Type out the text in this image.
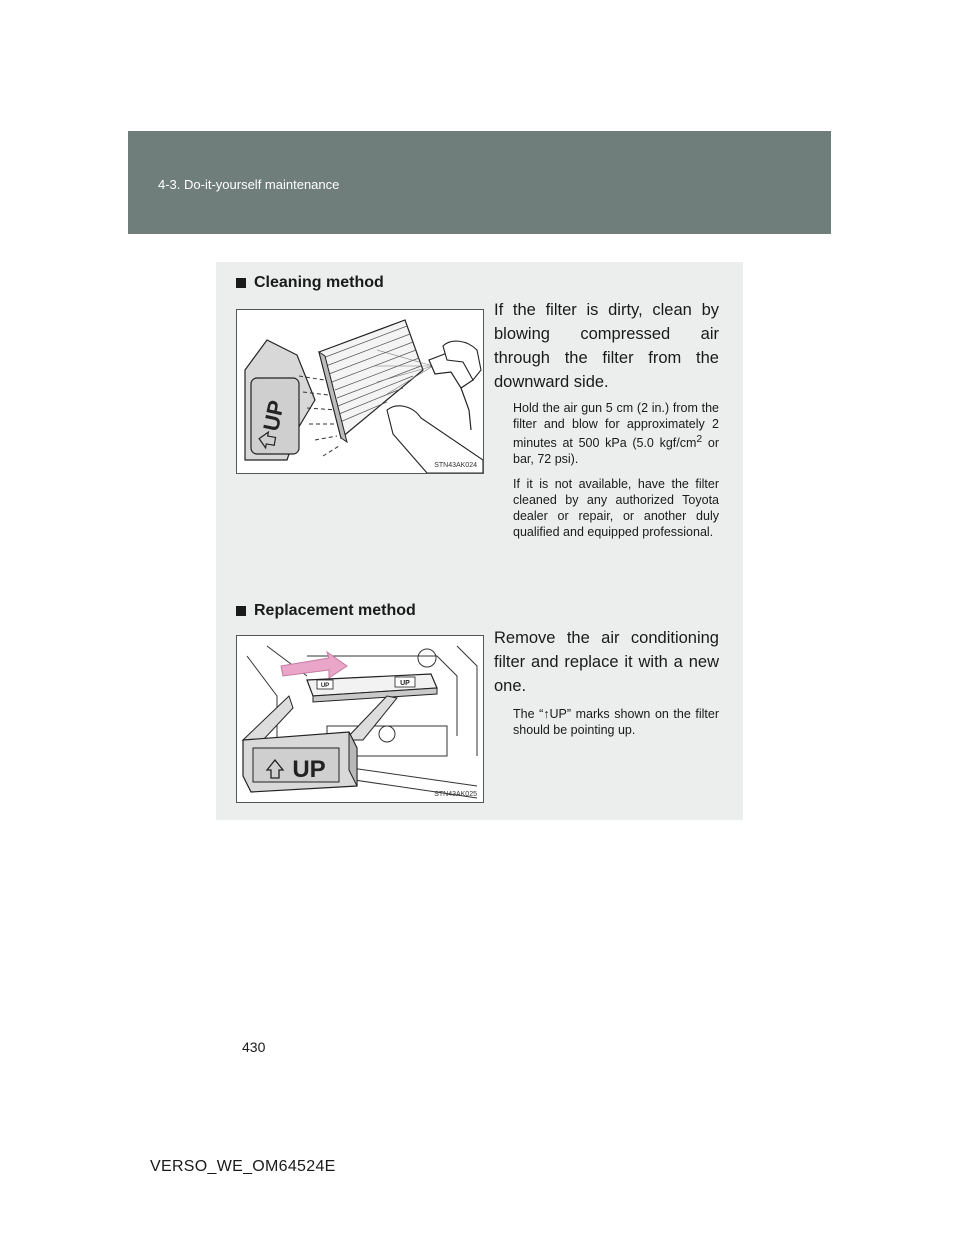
4-3. Do-it-yourself maintenance
Cleaning method
UP
STN43AK024
If the filter is dirty, clean by blowing compressed air through the filter from the downward side.

Hold the air gun 5 cm (2 in.) from the filter and blow for approximately 2 minutes at 500 kPa (5.0 kgf/$cm^2$ or bar, 72 psi).

If it is not available, have the filter cleaned by any authorized Toyota dealer or repair, or another duly qualified and equipped professional.

Replacement method
UP	UP
UP
STN43AK025
Remove the air conditioning filter and replace it with a new one.

The “↑UP” marks shown on the filter should be pointing up.

430
VERSO_WE_OM64524E
